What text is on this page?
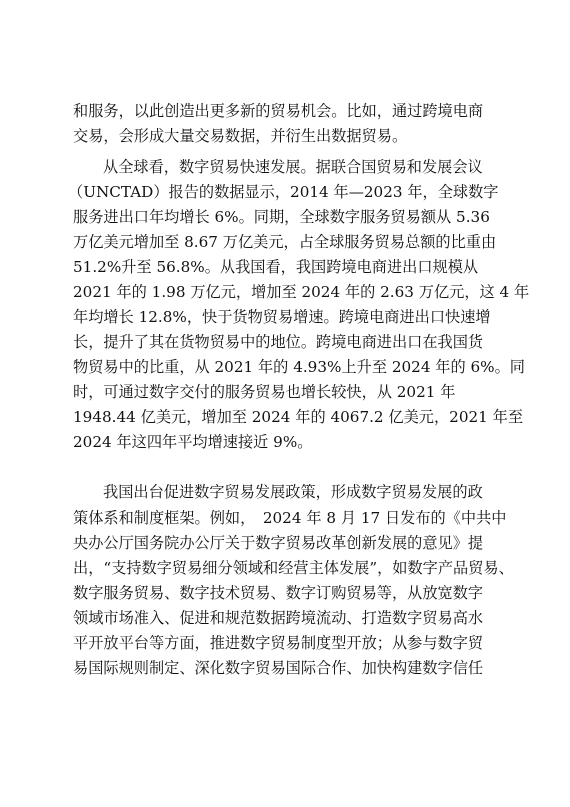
和服务，以此创造出更多新的贸易机会。比如，通过跨境电商
交易，会形成大量交易数据，并衍生出数据贸易。
从全球看，数字贸易快速发展。据联合国贸易和发展会议
（UNCTAD）报告的数据显示，2014 年—2023 年，全球数字
服务进出口年均增长 6%。同期，全球数字服务贸易额从 5.36
万亿美元增加至 8.67 万亿美元，占全球服务贸易总额的比重由
51.2%升至 56.8%。从我国看，我国跨境电商进出口规模从
2021 年的 1.98 万亿元，增加至 2024 年的 2.63 万亿元，这 4 年
年均增长 12.8%，快于货物贸易增速。跨境电商进出口快速增
长，提升了其在货物贸易中的地位。跨境电商进出口在我国货
物贸易中的比重，从 2021 年的 4.93%上升至 2024 年的 6%。同
时，可通过数字交付的服务贸易也增长较快，从 2021 年
1948.44 亿美元，增加至 2024 年的 4067.2 亿美元，2021 年至
2024 年这四年平均增速接近 9%。
我国出台促进数字贸易发展政策，形成数字贸易发展的政
策体系和制度框架。例如，　2024 年 8 月 17 日发布的《中共中
央办公厅国务院办公厅关于数字贸易改革创新发展的意见》提
出，“支持数字贸易细分领域和经营主体发展”，如数字产品贸易、
数字服务贸易、数字技术贸易、数字订购贸易等，从放宽数字
领域市场准入、促进和规范数据跨境流动、打造数字贸易高水
平开放平台等方面，推进数字贸易制度型开放；从参与数字贸
易国际规则制定、深化数字贸易国际合作、加快构建数字信任
